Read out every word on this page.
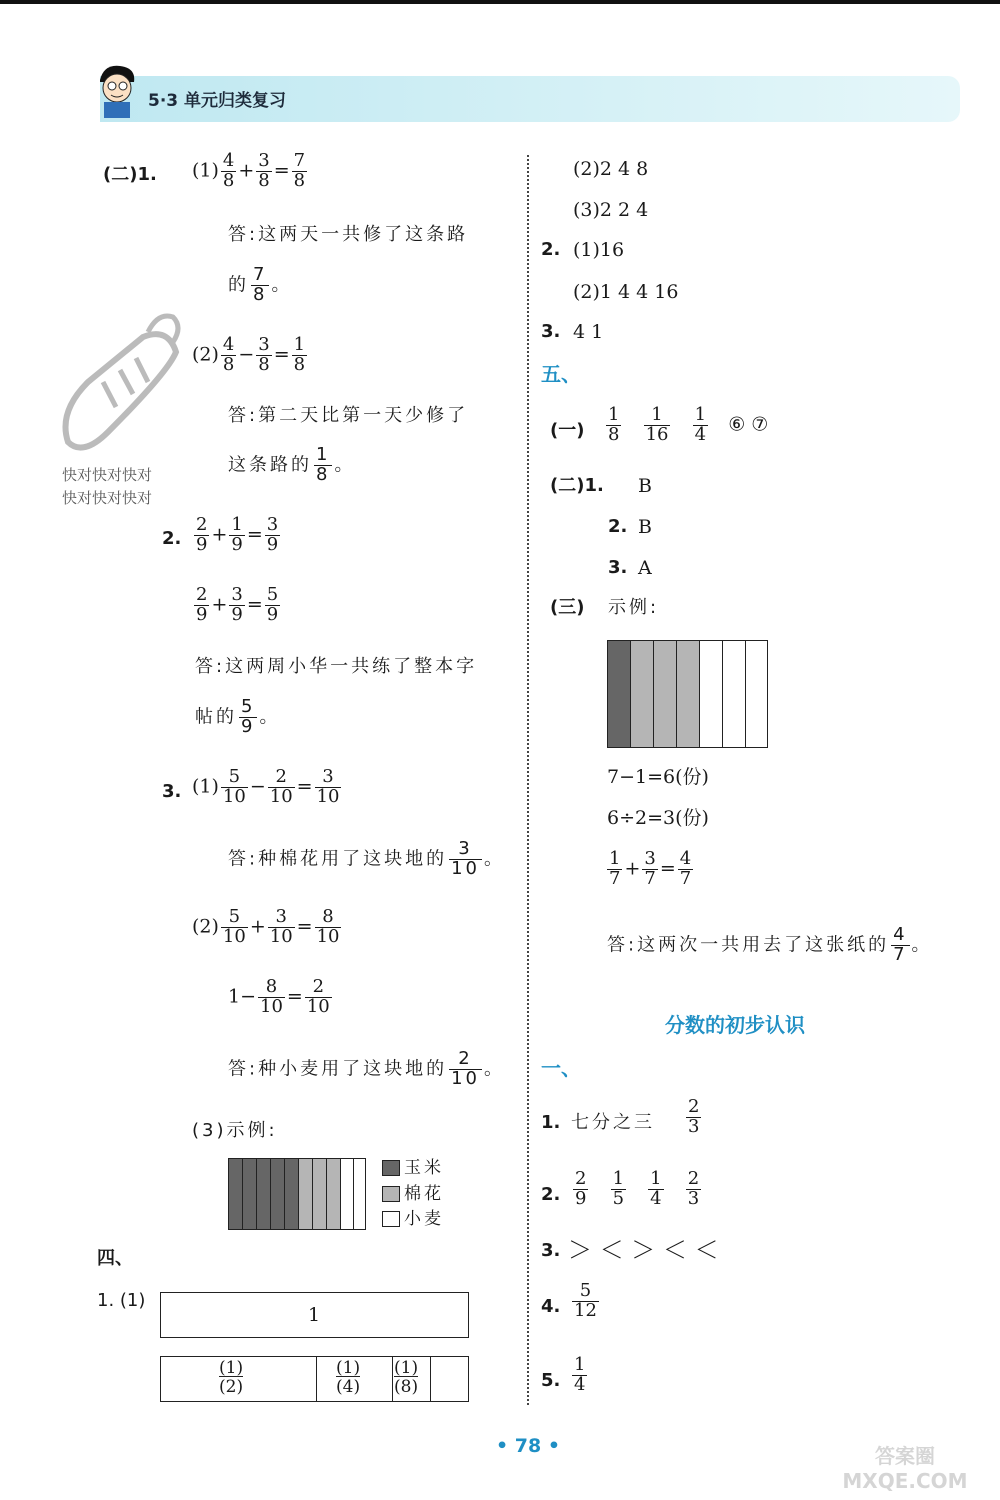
5·3 单元归类复习
快对快对快对
快对快对快对
(二)1. $(1) \frac{4}{8} + \frac{3}{8} = \frac{7}{8}$
答:这两天一共修了这条路
的 $\frac{7}{8}$ 。
$(2) \frac{4}{8} - \frac{3}{8} = \frac{1}{8}$
答:第二天比第一天少修了
这条路的 $\frac{1}{8}$ 。
2. $\frac{2}{9} + \frac{1}{9} = \frac{3}{9}$
$\frac{2}{9} + \frac{3}{9} = \frac{5}{9}$
答:这两周小华一共练了整本字
帖的 $\frac{5}{9}$ 。
3. $(1) \frac{5}{10} - \frac{2}{10} = \frac{3}{10}$
答:种棉花用了这块地的 $\frac{3}{10}$ 。
$(2) \frac{5}{10} + \frac{3}{10} = \frac{8}{10}$
$1- \frac{8}{10} = \frac{2}{10}$
答:种小麦用了这块地的 $\frac{2}{10}$ 。
(3)示例:
玉米
棉花
小麦
四、
1. (1)
1
(1)
(2)
(1)
(4)
(1)
(8)
(2)2 4 8
(3)2 2 4
2. (1)16
(2)1 4 4 16
3. 4 1
五、
(一) $\frac{1}{8}$
$\frac{1}{16}$
$\frac{1}{4}$ ⑥ ⑦
(二)1. B
2. B
3. A
(三) 示例:
7−1=6(份)
6÷2=3(份)
$\frac{1}{7} + \frac{3}{7} = \frac{4}{7}$
答:这两次一共用去了这张纸的 $\frac{4}{7}$ 。
分数的初步认识
一、
1. 七分之三 $\frac{2}{3}$
2. $\frac{2}{9}$
$\frac{1}{5}$
$\frac{1}{4}$
$\frac{2}{3}$
3. ＞ ＜ ＞ ＜ ＜
4. $\frac{5}{12}$
5. $\frac{1}{4}$
• 78 •	答案圈 MXQE.COM
